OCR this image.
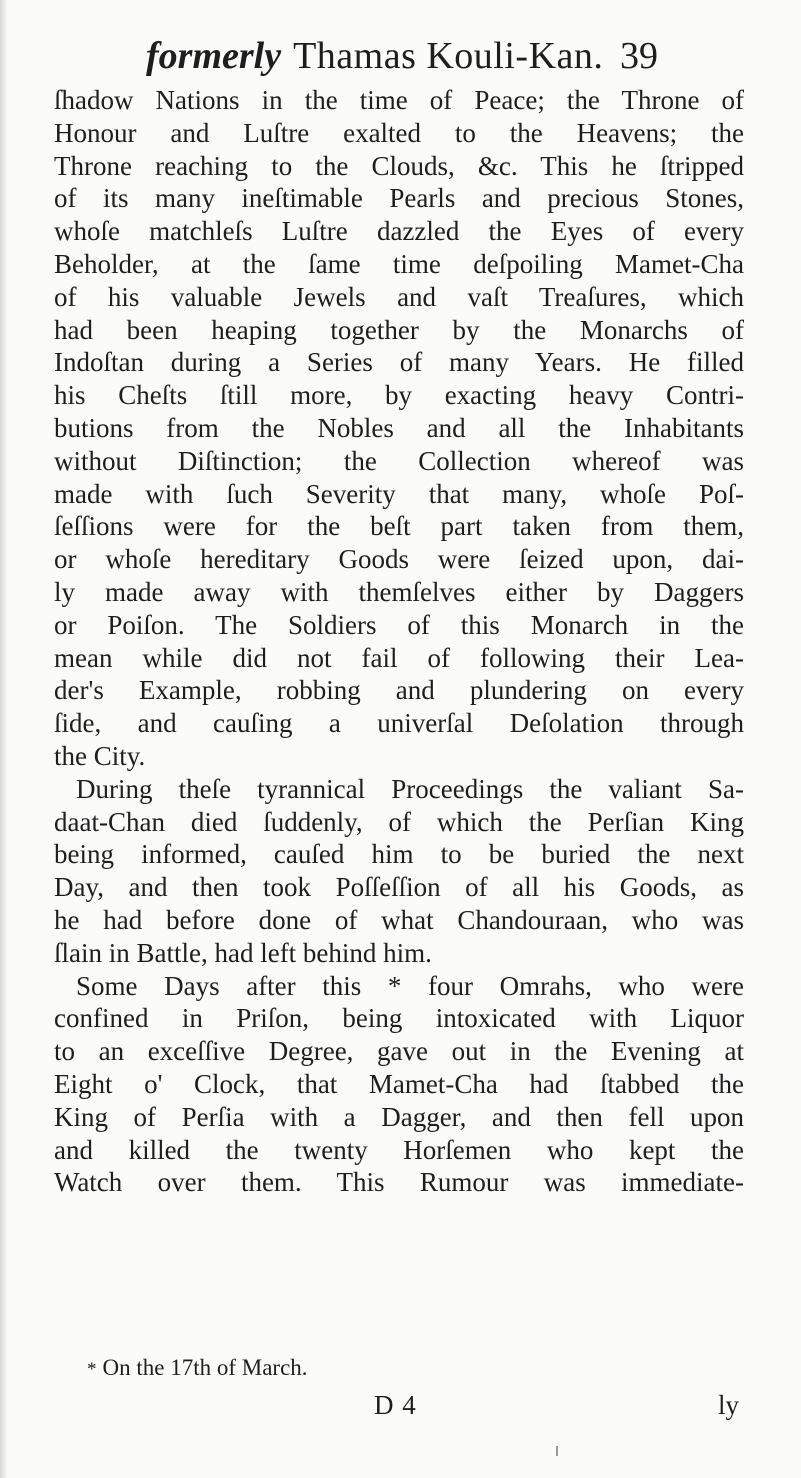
formerly Thamas Kouli-Kan. 39
ſhadow Nations in the time of Peace; the Throne of
Honour and Luſtre exalted to the Heavens; the
Throne reaching to the Clouds, &c. This he ſtripped
of its many ineſtimable Pearls and precious Stones,
whoſe matchleſs Luſtre dazzled the Eyes of every
Beholder, at the ſame time deſpoiling Mamet-Cha
of his valuable Jewels and vaſt Treaſures, which
had been heaping together by the Monarchs of
Indoſtan during a Series of many Years. He filled
his Cheſts ſtill more, by exacting heavy Contri-
butions from the Nobles and all the Inhabitants
without Diſtinction; the Collection whereof was
made with ſuch Severity that many, whoſe Poſ-
ſeſſions were for the beſt part taken from them,
or whoſe hereditary Goods were ſeized upon, dai-
ly made away with themſelves either by Daggers
or Poiſon. The Soldiers of this Monarch in the
mean while did not fail of following their Lea-
der's Example, robbing and plundering on every
ſide, and cauſing a univerſal Deſolation through
the City.
During theſe tyrannical Proceedings the valiant Sa-
daat-Chan died ſuddenly, of which the Perſian King
being informed, cauſed him to be buried the next
Day, and then took Poſſeſſion of all his Goods, as
he had before done of what Chandouraan, who was
ſlain in Battle, had left behind him.
Some Days after this * four Omrahs, who were
confined in Priſon, being intoxicated with Liquor
to an exceſſive Degree, gave out in the Evening at
Eight o' Clock, that Mamet-Cha had ſtabbed the
King of Perſia with a Dagger, and then fell upon
and killed the twenty Horſemen who kept the
Watch over them. This Rumour was immediate-
* On the 17th of March.
D 4	ly
